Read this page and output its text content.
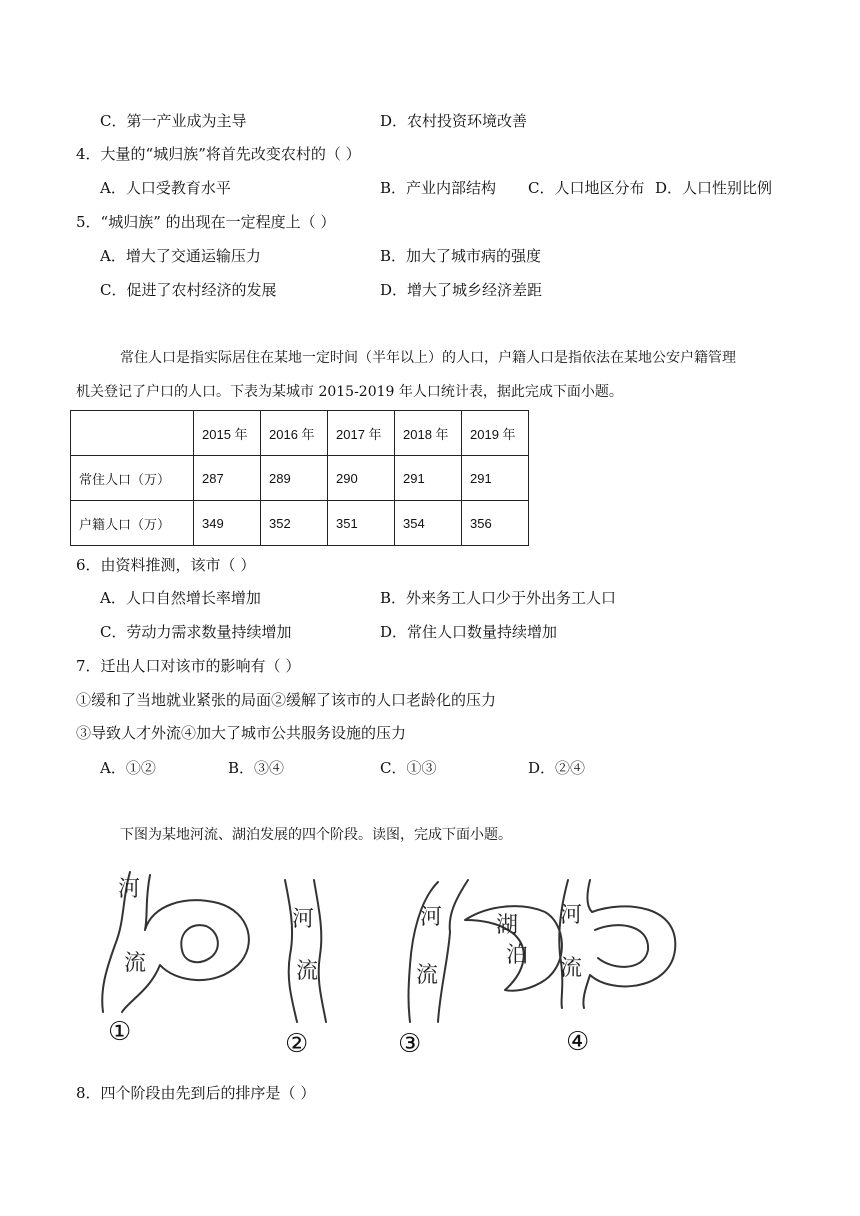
C．第一产业成为主导	D．农村投资环境改善
4．大量的“城归族”将首先改变农村的（ ）
A．人口受教育水平	B．产业内部结构 C．人口地区分布 D．人口性别比例
5．“城归族” 的出现在一定程度上（ ）
A．增大了交通运输压力	B．加大了城市病的强度
C．促进了农村经济的发展	D．增大了城乡经济差距
常住人口是指实际居住在某地一定时间（半年以上）的人口，户籍人口是指依法在某地公安户籍管理
机关登记了户口的人口。下表为某城市 2015-2019 年人口统计表，据此完成下面小题。
	2015 年	2016 年	2017 年	2018 年	2019 年
常住人口（万）	287	289	290	291	291
户籍人口（万）	349	352	351	354	356
6．由资料推测，该市（ ）
A．人口自然增长率增加	B．外来务工人口少于外出务工人口
C．劳动力需求数量持续增加	D．常住人口数量持续增加
7．迁出人口对该市的影响有（ ）
①缓和了当地就业紧张的局面②缓解了该市的人口老龄化的压力
③导致人才外流④加大了城市公共服务设施的压力
A．①②	B．③④	C．①③	D．②④
下图为某地河流、湖泊发展的四个阶段。读图，完成下面小题。
河
流
河
流
河
流
湖
泊
河
流
①	②	③	④
8．四个阶段由先到后的排序是（ ）
